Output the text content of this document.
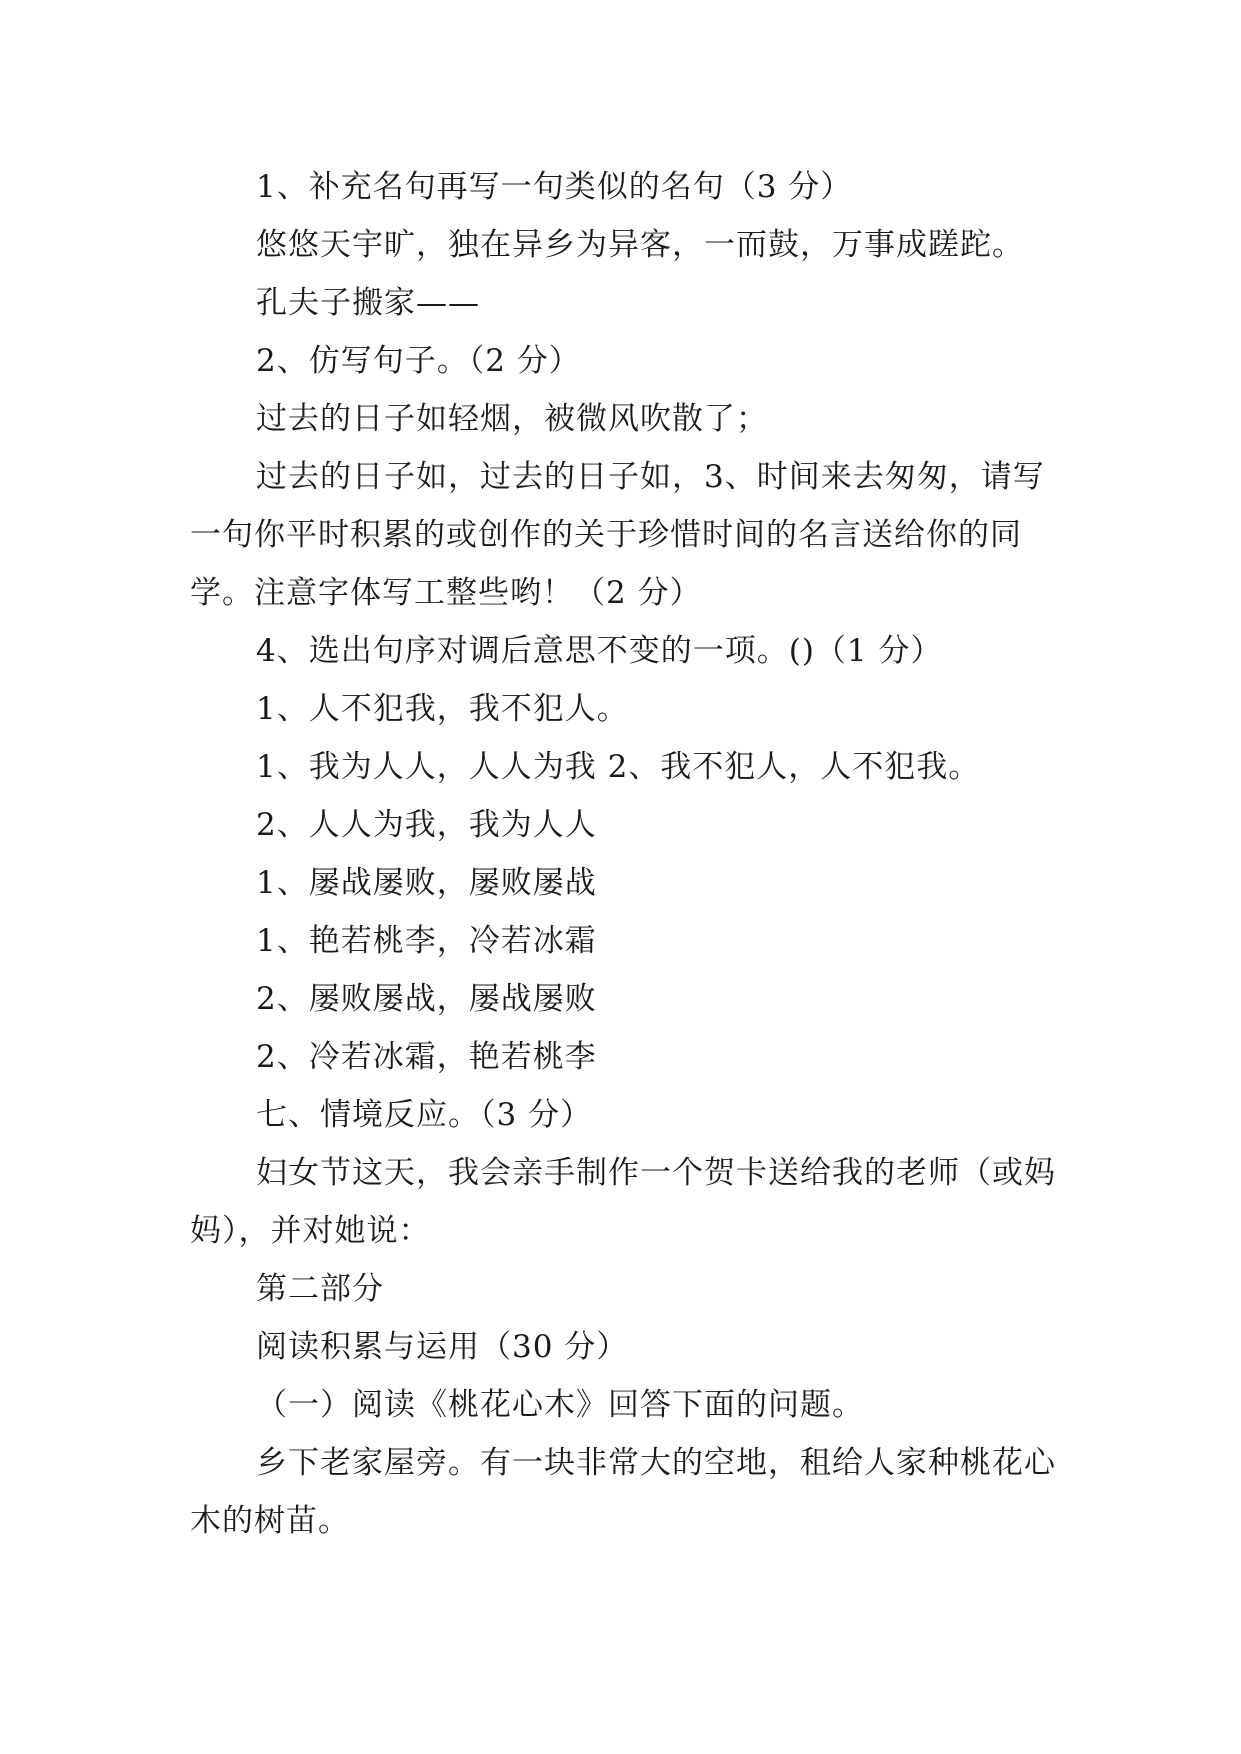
1、补充名句再写一句类似的名句（3 分）

悠悠天宇旷，独在异乡为异客，一而鼓，万事成蹉跎。

孔夫子搬家——

2、仿写句子。（2 分）

过去的日子如轻烟，被微风吹散了；

过去的日子如，过去的日子如，3、时间来去匆匆，请写一句你平时积累的或创作的关于珍惜时间的名言送给你的同学。注意字体写工整些哟！（2 分）

4、选出句序对调后意思不变的一项。()（1 分）

1、人不犯我，我不犯人。

1、我为人人，人人为我 2、我不犯人，人不犯我。

2、人人为我，我为人人

1、屡战屡败，屡败屡战

1、艳若桃李，冷若冰霜

2、屡败屡战，屡战屡败

2、冷若冰霜，艳若桃李

七、情境反应。（3 分）

妇女节这天，我会亲手制作一个贺卡送给我的老师（或妈妈），并对她说：

第二部分

阅读积累与运用（30 分）

（一）阅读《桃花心木》回答下面的问题。

乡下老家屋旁。有一块非常大的空地，租给人家种桃花心木的树苗。
